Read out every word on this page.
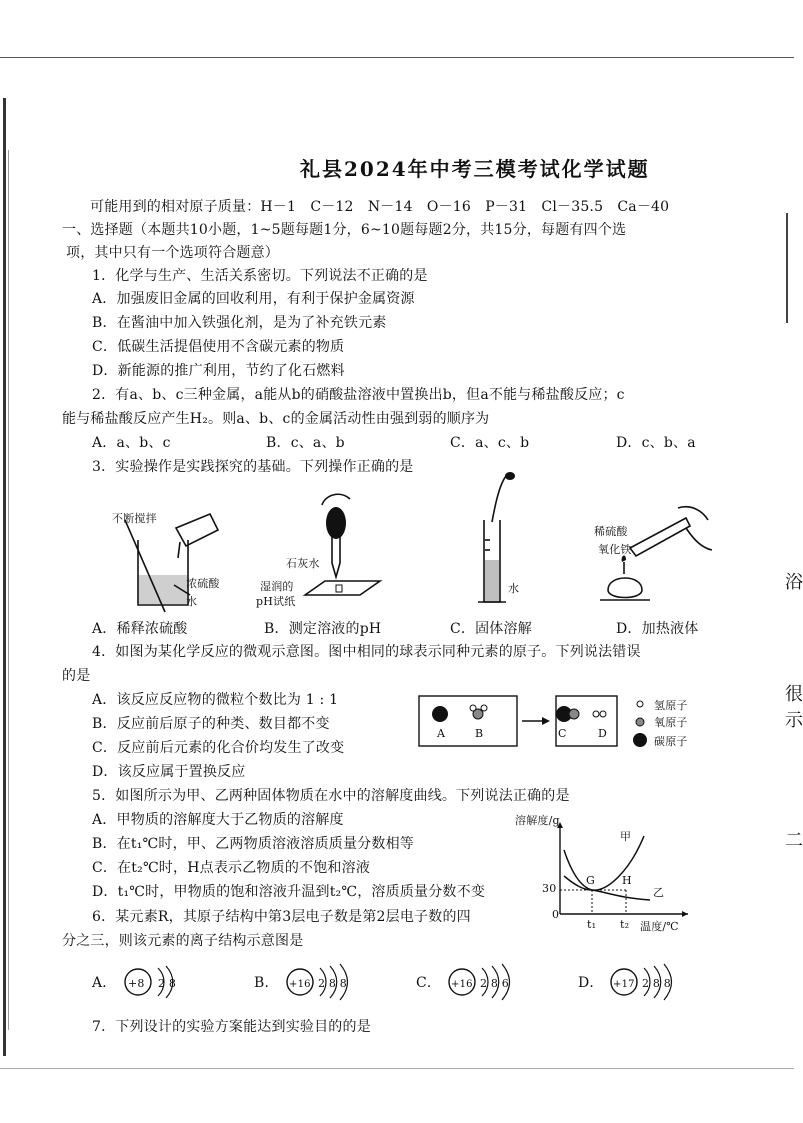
浴
很
示
二
礼县2024年中考三模考试化学试题
可能用到的相对原子质量：H－1　C－12　N－14　O－16　P－31　Cl－35.5　Ca－40
一、选择题（本题共10小题，1~5题每题1分，6~10题每题2分，共15分，每题有四个选
项，其中只有一个选项符合题意）
1．化学与生产、生活关系密切。下列说法不正确的是
A．加强废旧金属的回收利用，有利于保护金属资源
B．在酱油中加入铁强化剂，是为了补充铁元素
C．低碳生活提倡使用不含碳元素的物质
D．新能源的推广利用，节约了化石燃料
2．有a、b、c三种金属，a能从b的硝酸盐溶液中置换出b，但a不能与稀盐酸反应；c
能与稀盐酸反应产生H₂。则a、b、c的金属活动性由强到弱的顺序为
A．a、b、c	B．c、a、b	C．a、c、b	D．c、b、a
3．实验操作是实践探究的基础。下列操作正确的是
不断搅拌
浓硫酸
水
石灰水
湿润的
pH试纸
水
稀硫酸
氧化铁
A．稀释浓硫酸	B．测定溶液的pH	C．固体溶解	D．加热液体
4．如图为某化学反应的微观示意图。图中相同的球表示同种元素的原子。下列说法错误
的是
A．该反应反应物的微粒个数比为 1 : 1
B．反应前后原子的种类、数目都不变
C．反应前后元素的化合价均发生了改变
D．该反应属于置换反应
A	B	C	D
氢原子
氧原子
碳原子
5．如图所示为甲、乙两种固体物质在水中的溶解度曲线。下列说法正确的是
A．甲物质的溶解度大于乙物质的溶解度
B．在t₁℃时，甲、乙两物质溶液溶质质量分数相等
C．在t₂℃时，H点表示乙物质的不饱和溶液
D．t₁℃时，甲物质的饱和溶液升温到t₂℃，溶质质量分数不变
溶解度/g
甲
乙
G H
30
0
t₁ t₂ 温度/℃
6．某元素R，其原子结构中第3层电子数是第2层电子数的四
分之三，则该元素的离子结构示意图是
A． +8 2 8	B． +16 2 8 8	C． +16 2 8 6	D． +17 2 8 8
7．下列设计的实验方案能达到实验目的的是
